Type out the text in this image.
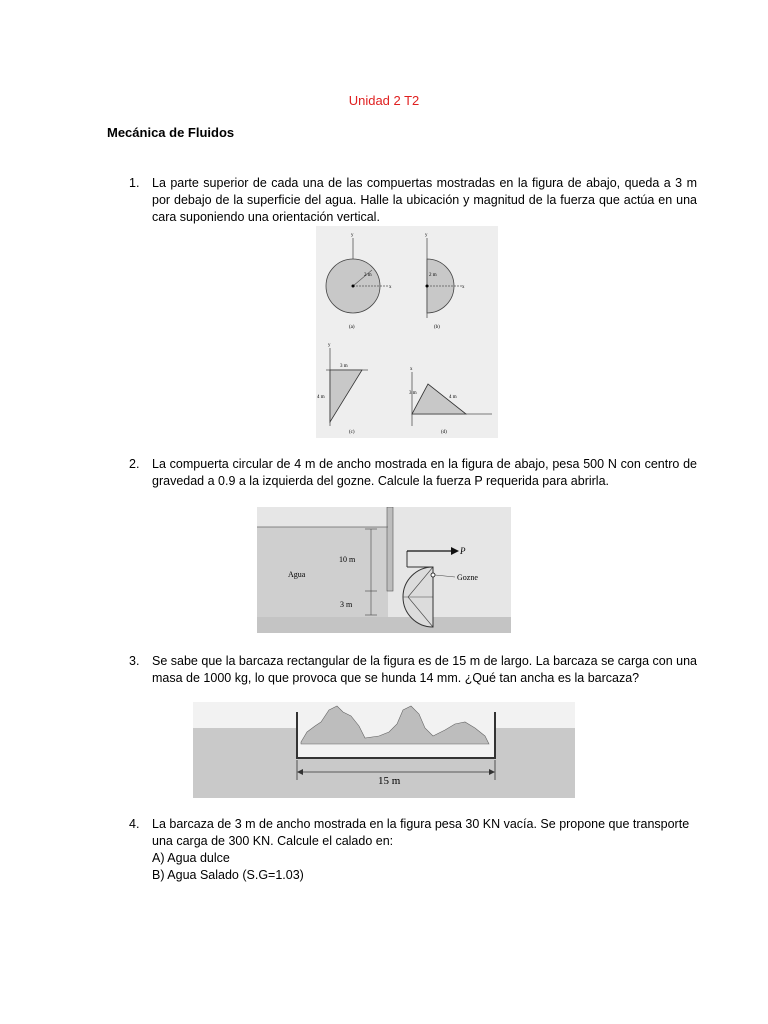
Unidad 2 T2
Mecánica de Fluidos
1. La parte superior de cada una de las compuertas mostradas en la figura de abajo, queda a 3 m por debajo de la superficie del agua. Halle la ubicación y magnitud de la fuerza que actúa en una cara suponiendo una orientación vertical.
y
x
2 m
(a)
y
x
2 m
(b)
y
3 m
4 m
(c)
x
3 m
4 m
(d)
2. La compuerta circular de 4 m de ancho mostrada en la figura de abajo, pesa 500 N con centro de gravedad a 0.9 a la izquierda del gozne. Calcule la fuerza P requerida para abrirla.
Agua
10 m
3 m
P
Gozne
3. Se sabe que la barcaza rectangular de la figura es de 15 m de largo. La barcaza se carga con una masa de 1000 kg, lo que provoca que se hunda 14 mm. ¿Qué tan ancha es la barcaza?
15 m
4. La barcaza de 3 m de ancho mostrada en la figura pesa 30 KN vacía. Se propone que transporte una carga de 300 KN. Calcule el calado en:
A) Agua dulce
B) Agua Salado (S.G=1.03)
